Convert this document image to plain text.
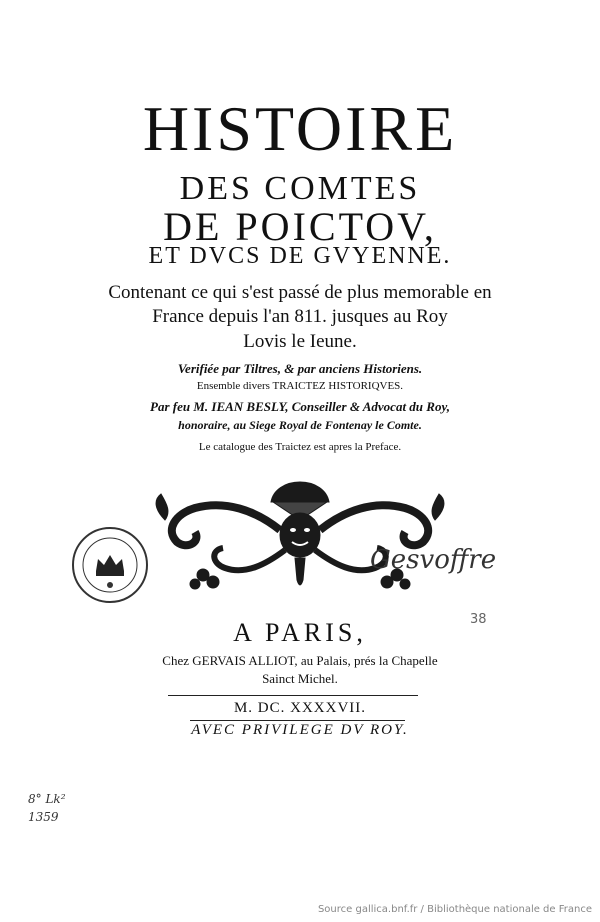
HISTOIRE
DES COMTES
DE POICTOV,
ET DVCS DE GVYENNE.
Contenant ce qui s'est passé de plus memorable en
France depuis l'an 811. jusques au Roy
Lovis le Ieune.
Verifiée par Tiltres, & par anciens Historiens.
Ensemble divers TRAICTEZ HISTORIQVES.
Par feu M. IEAN BESLY, Conseiller & Advocat du Roy,
honoraire, au Siege Royal de Fontenay le Comte.
Le catalogue des Traictez est apres la Preface.
Gesvoffre
38
A PARIS,
Chez GERVAIS ALLIOT, au Palais, prés la Chapelle
Sainct Michel.
M. DC. XXXXVII.
AVEC PRIVILEGE DV ROY.
8° Lk²
1359
Source gallica.bnf.fr / Bibliothèque nationale de France
